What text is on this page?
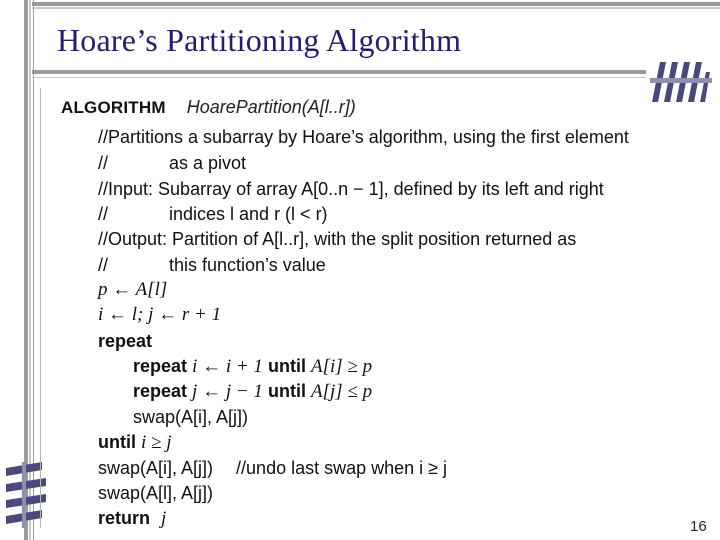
Hoare’s Partitioning Algorithm
ALGORITHM HoarePartition(A[l..r])
//Partitions a subarray by Hoare’s algorithm, using the first element
//	as a pivot
//Input: Subarray of array A[0..n − 1], defined by its left and right
//	indices l and r (l < r)
//Output: Partition of A[l..r], with the split position returned as
//	this function’s value
p ← A[l]
i ← l; j ← r + 1
repeat
repeat i ← i + 1 until A[i] ≥ p
repeat j ← j − 1 until A[j] ≤ p
swap(A[i], A[j])
until i ≥ j
swap(A[i], A[j]) //undo last swap when i ≥ j
swap(A[l], A[j])
return j	16
